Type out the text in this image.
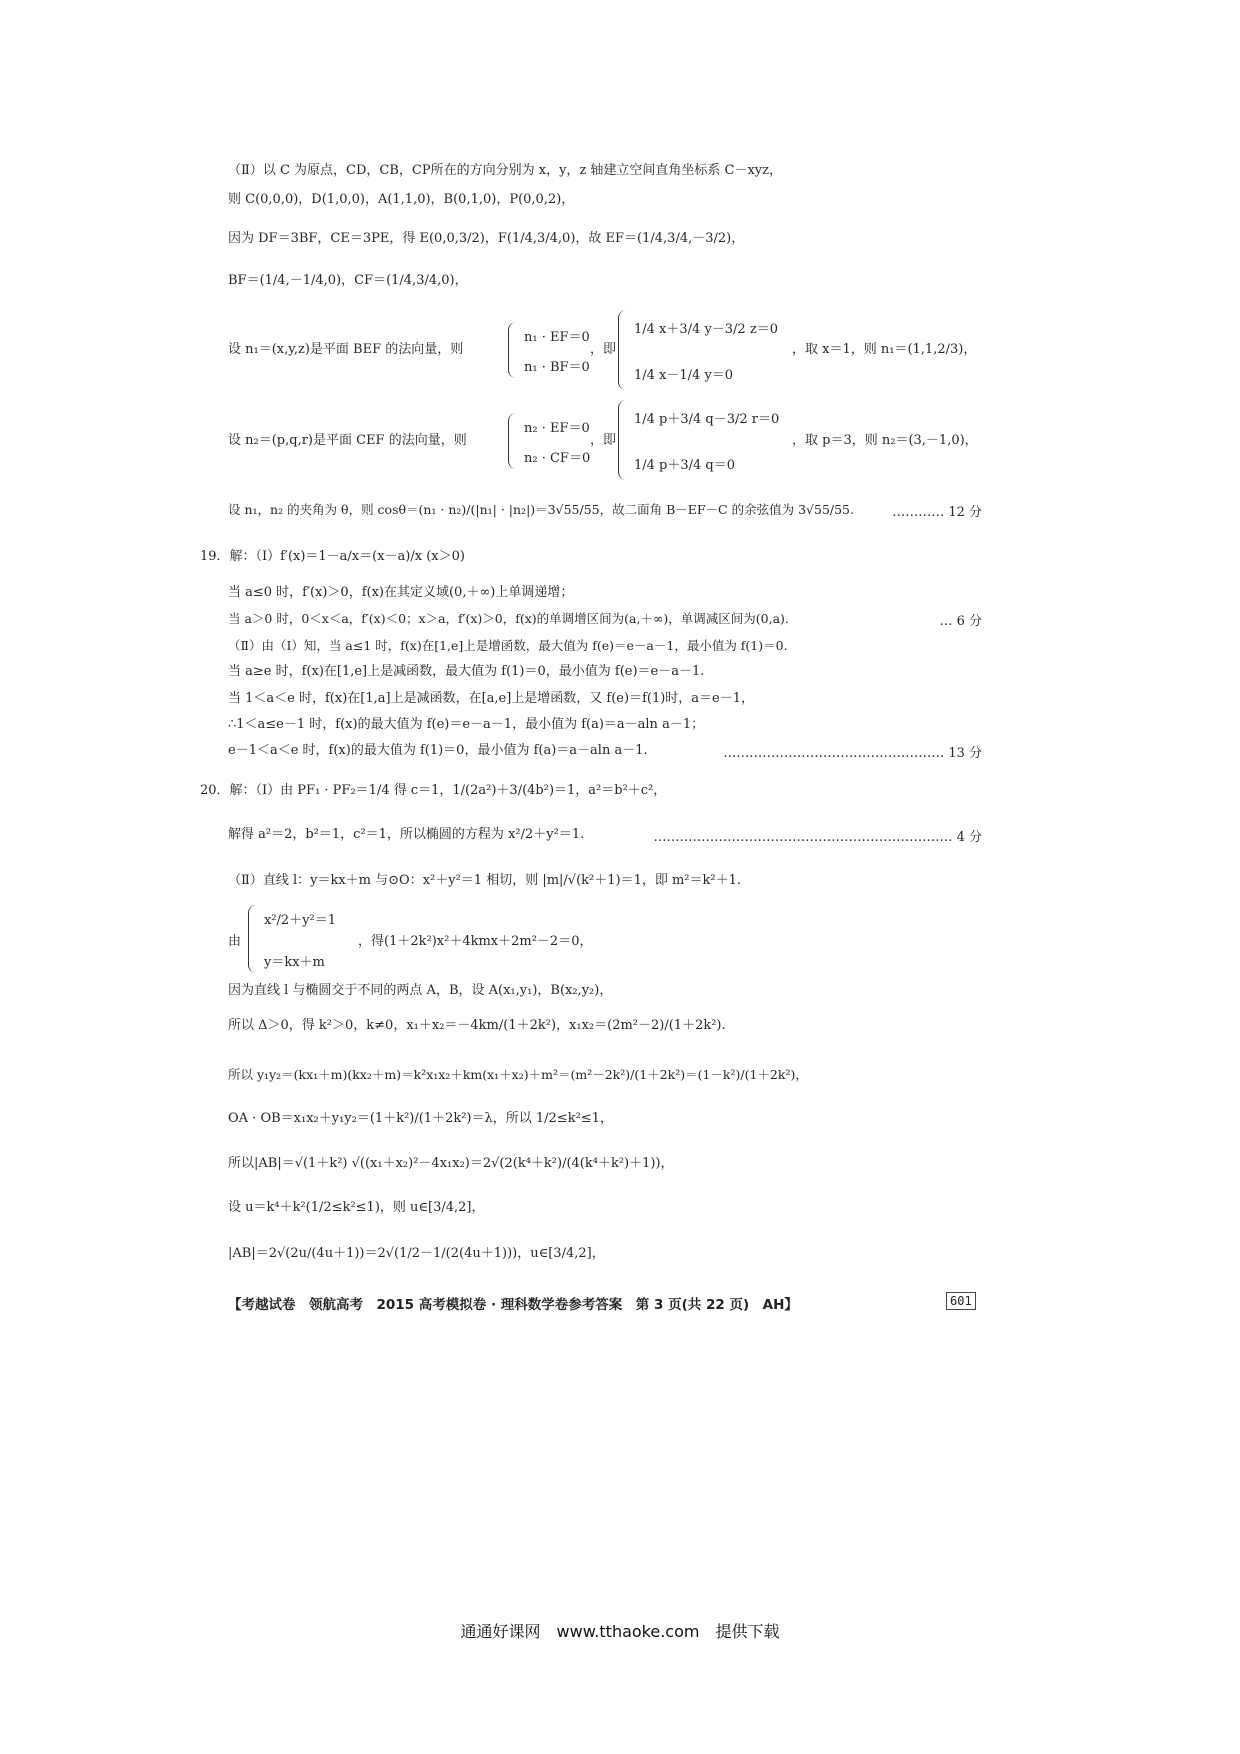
（Ⅱ）以 C 为原点，CD，CB，CP所在的方向分别为 x，y，z 轴建立空间直角坐标系 C－xyz，
则 C(0,0,0)，D(1,0,0)，A(1,1,0)，B(0,1,0)，P(0,0,2)，
因为 DF＝3BF，CE＝3PE，得 E(0,0,3/2)，F(1/4,3/4,0)，故 EF＝(1/4,3/4,－3/2)，
BF＝(1/4,－1/4,0)，CF＝(1/4,3/4,0)，
设 n₁＝(x,y,z)是平面 BEF 的法向量，则
n₁ · EF＝0
n₁ · BF＝0
，即
1/4 x＋3/4 y－3/2 z＝0
1/4 x－1/4 y＝0
，取 x＝1，则 n₁＝(1,1,2/3)，
设 n₂＝(p,q,r)是平面 CEF 的法向量，则
n₂ · EF＝0
n₂ · CF＝0
，即
1/4 p＋3/4 q－3/2 r＝0
1/4 p＋3/4 q＝0
，取 p＝3，则 n₂＝(3,－1,0)，
设 n₁，n₂ 的夹角为 θ，则 cosθ＝(n₁ · n₂)/(|n₁| · |n₂|)＝3√55/55，故二面角 B－EF－C 的余弦值为 3√55/55.	………… 12 分
19．解：（Ⅰ）f′(x)＝1－a/x＝(x－a)/x (x＞0)
当 a≤0 时，f′(x)＞0，f(x)在其定义域(0,＋∞)上单调递增；
当 a＞0 时，0＜x＜a，f′(x)＜0；x＞a，f′(x)＞0，f(x)的单调增区间为(a,＋∞)，单调减区间为(0,a).	… 6 分
（Ⅱ）由（Ⅰ）知，当 a≤1 时，f(x)在[1,e]上是增函数，最大值为 f(e)＝e－a－1，最小值为 f(1)＝0.
当 a≥e 时，f(x)在[1,e]上是减函数，最大值为 f(1)＝0，最小值为 f(e)＝e－a－1.
当 1＜a＜e 时，f(x)在[1,a]上是减函数，在[a,e]上是增函数，又 f(e)＝f(1)时，a＝e－1，
∴1＜a≤e－1 时，f(x)的最大值为 f(e)＝e－a－1，最小值为 f(a)＝a－aln a－1；
e－1＜a＜e 时，f(x)的最大值为 f(1)＝0，最小值为 f(a)＝a－aln a－1.	…………………………………………… 13 分
20．解：（Ⅰ）由 PF₁ · PF₂＝1/4 得 c＝1，1/(2a²)＋3/(4b²)＝1，a²＝b²＋c²，
解得 a²＝2，b²＝1，c²＝1，所以椭圆的方程为 x²/2＋y²＝1.	…………………………………………………………… 4 分
（Ⅱ）直线 l：y＝kx＋m 与⊙O：x²＋y²＝1 相切，则 |m|/√(k²＋1)＝1，即 m²＝k²＋1.
由
x²/2＋y²＝1
y＝kx＋m
，得(1＋2k²)x²＋4kmx＋2m²－2＝0，
因为直线 l 与椭圆交于不同的两点 A，B，设 A(x₁,y₁)，B(x₂,y₂)，
所以 Δ＞0，得 k²＞0，k≠0，x₁＋x₂＝－4km/(1＋2k²)，x₁x₂＝(2m²－2)/(1＋2k²).
所以 y₁y₂＝(kx₁＋m)(kx₂＋m)＝k²x₁x₂＋km(x₁＋x₂)＋m²＝(m²－2k²)/(1＋2k²)＝(1－k²)/(1＋2k²)，
OA · OB＝x₁x₂＋y₁y₂＝(1＋k²)/(1＋2k²)＝λ，所以 1/2≤k²≤1，
所以|AB|＝√(1＋k²) √((x₁＋x₂)²－4x₁x₂)＝2√(2(k⁴＋k²)/(4(k⁴＋k²)＋1))，
设 u＝k⁴＋k²(1/2≤k²≤1)，则 u∈[3/4,2]，
|AB|＝2√(2u/(4u＋1))＝2√(1/2－1/(2(4u＋1)))，u∈[3/4,2]，
【考越试卷　领航高考　2015 高考模拟卷 · 理科数学卷参考答案　第 3 页(共 22 页)　AH】	601
通通好课网　www.tthaoke.com　提供下载
